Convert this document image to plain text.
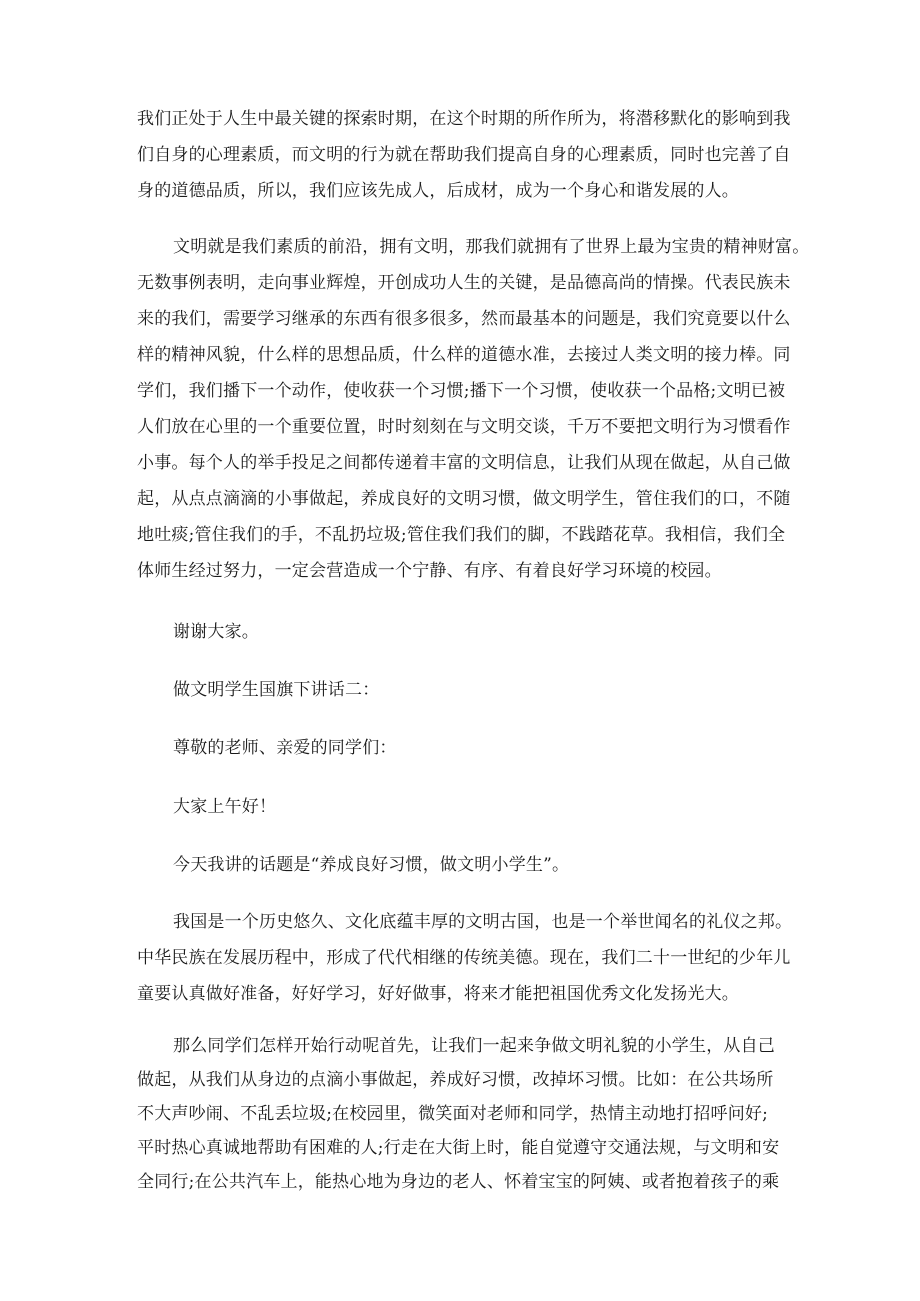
我们正处于人生中最关键的探索时期，在这个时期的所作所为，将潜移默化的影响到我
们自身的心理素质，而文明的行为就在帮助我们提高自身的心理素质，同时也完善了自
身的道德品质，所以，我们应该先成人，后成材，成为一个身心和谐发展的人。
文明就是我们素质的前沿，拥有文明，那我们就拥有了世界上最为宝贵的精神财富。
无数事例表明，走向事业辉煌，开创成功人生的关键，是品德高尚的情操。代表民族未
来的我们，需要学习继承的东西有很多很多，然而最基本的问题是，我们究竟要以什么
样的精神风貌，什么样的思想品质，什么样的道德水准，去接过人类文明的接力棒。同
学们，我们播下一个动作，使收获一个习惯;播下一个习惯，使收获一个品格;文明已被
人们放在心里的一个重要位置，时时刻刻在与文明交谈，千万不要把文明行为习惯看作
小事。每个人的举手投足之间都传递着丰富的文明信息，让我们从现在做起，从自己做
起，从点点滴滴的小事做起，养成良好的文明习惯，做文明学生，管住我们的口，不随
地吐痰;管住我们的手，不乱扔垃圾;管住我们我们的脚，不践踏花草。我相信，我们全
体师生经过努力，一定会营造成一个宁静、有序、有着良好学习环境的校园。
谢谢大家。
做文明学生国旗下讲话二：
尊敬的老师、亲爱的同学们：
大家上午好！
今天我讲的话题是“养成良好习惯，做文明小学生”。
我国是一个历史悠久、文化底蕴丰厚的文明古国，也是一个举世闻名的礼仪之邦。
中华民族在发展历程中，形成了代代相继的传统美德。现在，我们二十一世纪的少年儿
童要认真做好准备，好好学习，好好做事，将来才能把祖国优秀文化发扬光大。
那么同学们怎样开始行动呢首先，让我们一起来争做文明礼貌的小学生，从自己
做起，从我们从身边的点滴小事做起，养成好习惯，改掉坏习惯。比如：在公共场所
不大声吵闹、不乱丢垃圾;在校园里，微笑面对老师和同学，热情主动地打招呼问好;
平时热心真诚地帮助有困难的人;行走在大街上时，能自觉遵守交通法规，与文明和安
全同行;在公共汽车上，能热心地为身边的老人、怀着宝宝的阿姨、或者抱着孩子的乘
